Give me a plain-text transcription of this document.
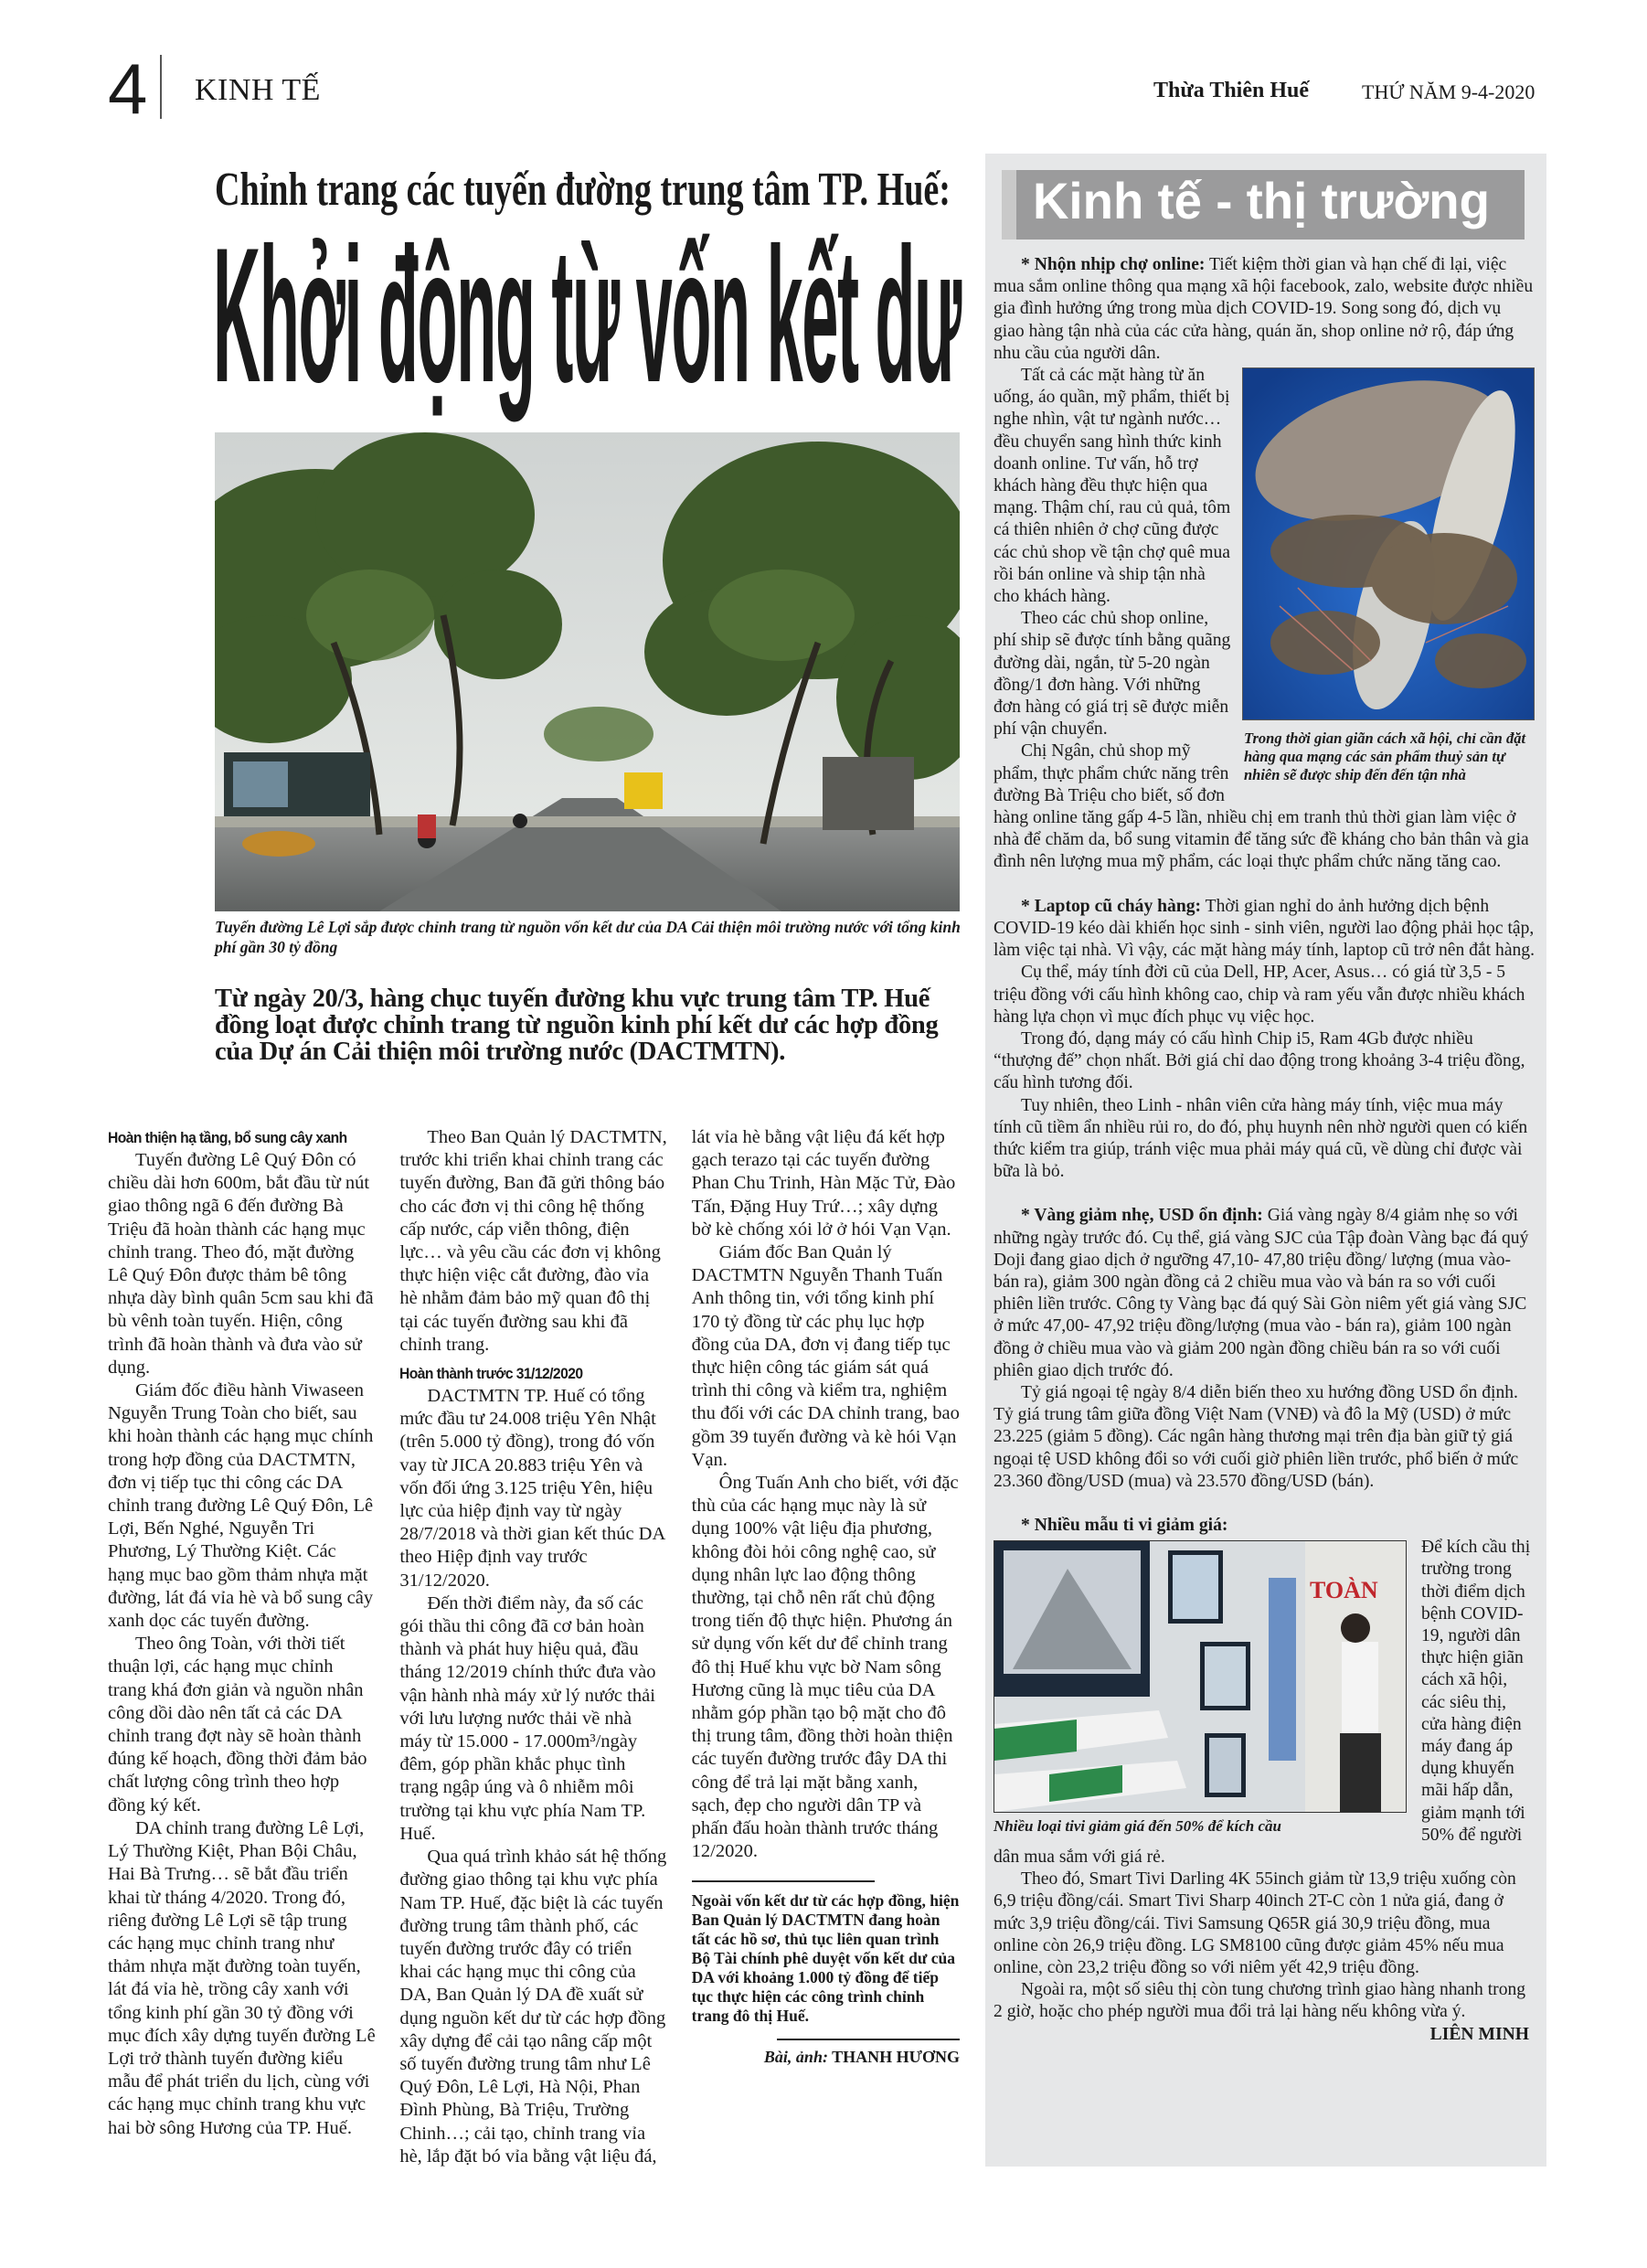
4 KINH TẾ	Thừa Thiên Huế	THỨ NĂM 9-4-2020
Chỉnh trang các tuyến đường trung tâm TP. Huế:
Khởi động từ vốn kết dư
Tuyến đường Lê Lợi sắp được chỉnh trang từ nguồn vốn kết dư của DA Cải thiện môi trường nước với tổng kinh phí gần 30 tỷ đồng
Từ ngày 20/3, hàng chục tuyến đường khu vực trung tâm TP. Huế đồng loạt được chỉnh trang từ nguồn kinh phí kết dư các hợp đồng của Dự án Cải thiện môi trường nước (DACTMTN).
Hoàn thiện hạ tầng, bổ sung cây xanh

Tuyến đường Lê Quý Đôn có chiều dài hơn 600m, bắt đầu từ nút giao thông ngã 6 đến đường Bà Triệu đã hoàn thành các hạng mục chỉnh trang. Theo đó, mặt đường Lê Quý Đôn được thảm bê tông nhựa dày bình quân 5cm sau khi đã bù vênh toàn tuyến. Hiện, công trình đã hoàn thành và đưa vào sử dụng.

Giám đốc điều hành Viwaseen Nguyễn Trung Toàn cho biết, sau khi hoàn thành các hạng mục chính trong hợp đồng của DACTMTN, đơn vị tiếp tục thi công các DA chỉnh trang đường Lê Quý Đôn, Lê Lợi, Bến Nghé, Nguyễn Tri Phương, Lý Thường Kiệt. Các hạng mục bao gồm thảm nhựa mặt đường, lát đá vỉa hè và bổ sung cây xanh dọc các tuyến đường.

Theo ông Toàn, với thời tiết thuận lợi, các hạng mục chỉnh trang khá đơn giản và nguồn nhân công dồi dào nên tất cả các DA chỉnh trang đợt này sẽ hoàn thành đúng kế hoạch, đồng thời đảm bảo chất lượng công trình theo hợp đồng ký kết.

DA chỉnh trang đường Lê Lợi, Lý Thường Kiệt, Phan Bội Châu, Hai Bà Trưng… sẽ bắt đầu triển khai từ tháng 4/2020. Trong đó, riêng đường Lê Lợi sẽ tập trung các hạng mục chỉnh trang như thảm nhựa mặt đường toàn tuyến, lát đá vỉa hè, trồng cây xanh với tổng kinh phí gần 30 tỷ đồng với mục đích xây dựng tuyến đường Lê Lợi trở thành tuyến đường kiểu mẫu để phát triển du lịch, cùng với các hạng mục chỉnh trang khu vực hai bờ sông Hương của TP. Huế.

Theo Ban Quản lý DACTMTN, trước khi triển khai chỉnh trang các tuyến đường, Ban đã gửi thông báo cho các đơn vị thi công hệ thống cấp nước, cáp viễn thông, điện lực… và yêu cầu các đơn vị không thực hiện việc cắt đường, đào vỉa hè nhằm đảm bảo mỹ quan đô thị tại các tuyến đường sau khi đã chỉnh trang.

Hoàn thành trước 31/12/2020

DACTMTN TP. Huế có tổng mức đầu tư 24.008 triệu Yên Nhật (trên 5.000 tỷ đồng), trong đó vốn vay từ JICA 20.883 triệu Yên và vốn đối ứng 3.125 triệu Yên, hiệu lực của hiệp định vay từ ngày 28/7/2018 và thời gian kết thúc DA theo Hiệp định vay trước 31/12/2020.

Đến thời điểm này, đa số các gói thầu thi công đã cơ bản hoàn thành và phát huy hiệu quả, đầu tháng 12/2019 chính thức đưa vào vận hành nhà máy xử lý nước thải với lưu lượng nước thải về nhà máy từ 15.000 - 17.000m³/ngày đêm, góp phần khắc phục tình trạng ngập úng và ô nhiễm môi trường tại khu vực phía Nam TP. Huế.

Qua quá trình khảo sát hệ thống đường giao thông tại khu vực phía Nam TP. Huế, đặc biệt là các tuyến đường trung tâm thành phố, các tuyến đường trước đây có triển khai các hạng mục thi công của DA, Ban Quản lý DA đề xuất sử dụng nguồn kết dư từ các hợp đồng xây dựng để cải tạo nâng cấp một số tuyến đường trung tâm như Lê Quý Đôn, Lê Lợi, Hà Nội, Phan Đình Phùng, Bà Triệu, Trường Chinh…; cải tạo, chỉnh trang vỉa hè, lắp đặt bó vỉa bằng vật liệu đá, lát vỉa hè bằng vật liệu đá kết hợp gạch terazo tại các tuyến đường Phan Chu Trinh, Hàn Mặc Tử, Đào Tấn, Đặng Huy Trứ…; xây dựng bờ kè chống xói lở ở hói Vạn Vạn.

Giám đốc Ban Quản lý DACTMTN Nguyễn Thanh Tuấn Anh thông tin, với tổng kinh phí 170 tỷ đồng từ các phụ lục hợp đồng của DA, đơn vị đang tiếp tục thực hiện công tác giám sát quá trình thi công và kiểm tra, nghiệm thu đối với các DA chỉnh trang, bao gồm 39 tuyến đường và kè hói Vạn Vạn.

Ông Tuấn Anh cho biết, với đặc thù của các hạng mục này là sử dụng 100% vật liệu địa phương, không đòi hỏi công nghệ cao, sử dụng nhân lực lao động thông thường, tại chỗ nên rất chủ động trong tiến độ thực hiện. Phương án sử dụng vốn kết dư để chỉnh trang đô thị Huế khu vực bờ Nam sông Hương cũng là mục tiêu của DA nhằm góp phần tạo bộ mặt cho đô thị trung tâm, đồng thời hoàn thiện các tuyến đường trước đây DA thi công để trả lại mặt bằng xanh, sạch, đẹp cho người dân TP và phấn đấu hoàn thành trước tháng 12/2020.

Ngoài vốn kết dư từ các hợp đồng, hiện Ban Quản lý DACTMTN đang hoàn tất các hồ sơ, thủ tục liên quan trình Bộ Tài chính phê duyệt vốn kết dư của DA với khoảng 1.000 tỷ đồng để tiếp tục thực hiện các công trình chỉnh trang đô thị Huế.

Bài, ảnh: THANH HƯƠNG

Kinh tế - thị trường

* Nhộn nhịp chợ online: Tiết kiệm thời gian và hạn chế đi lại, việc mua sắm online thông qua mạng xã hội facebook, zalo, website được nhiều gia đình hưởng ứng trong mùa dịch COVID-19. Song song đó, dịch vụ giao hàng tận nhà của các cửa hàng, quán ăn, shop online nở rộ, đáp ứng nhu cầu của người dân.

Trong thời gian giãn cách xã hội, chỉ cần đặt hàng qua mạng các sản phẩm thuỷ sản tự nhiên sẽ được ship đến đến tận nhà

Tất cả các mặt hàng từ ăn uống, áo quần, mỹ phẩm, thiết bị nghe nhìn, vật tư ngành nước… đều chuyển sang hình thức kinh doanh online. Tư vấn, hỗ trợ khách hàng đều thực hiện qua mạng. Thậm chí, rau củ quả, tôm cá thiên nhiên ở chợ cũng được các chủ shop về tận chợ quê mua rồi bán online và ship tận nhà cho khách hàng.

Theo các chủ shop online, phí ship sẽ được tính bằng quãng đường dài, ngắn, từ 5-20 ngàn đồng/1 đơn hàng. Với những đơn hàng có giá trị sẽ được miễn phí vận chuyển.

Chị Ngân, chủ shop mỹ phẩm, thực phẩm chức năng trên đường Bà Triệu cho biết, số đơn hàng online tăng gấp 4-5 lần, nhiều chị em tranh thủ thời gian làm việc ở nhà để chăm da, bổ sung vitamin để tăng sức đề kháng cho bản thân và gia đình nên lượng mua mỹ phẩm, các loại thực phẩm chức năng tăng cao.

* Laptop cũ cháy hàng: Thời gian nghỉ do ảnh hưởng dịch bệnh COVID-19 kéo dài khiến học sinh - sinh viên, người lao động phải học tập, làm việc tại nhà. Vì vậy, các mặt hàng máy tính, laptop cũ trở nên đắt hàng.

Cụ thể, máy tính đời cũ của Dell, HP, Acer, Asus… có giá từ 3,5 - 5 triệu đồng với cấu hình không cao, chip và ram yếu vẫn được nhiều khách hàng lựa chọn vì mục đích phục vụ việc học.

Trong đó, dạng máy có cấu hình Chip i5, Ram 4Gb được nhiều “thượng đế” chọn nhất. Bởi giá chỉ dao động trong khoảng 3-4 triệu đồng, cấu hình tương đối.

Tuy nhiên, theo Linh - nhân viên cửa hàng máy tính, việc mua máy tính cũ tiềm ẩn nhiều rủi ro, do đó, phụ huynh nên nhờ người quen có kiến thức kiểm tra giúp, tránh việc mua phải máy quá cũ, về dùng chỉ được vài bữa là bỏ.

* Vàng giảm nhẹ, USD ổn định: Giá vàng ngày 8/4 giảm nhẹ so với những ngày trước đó. Cụ thể, giá vàng SJC của Tập đoàn Vàng bạc đá quý Doji đang giao dịch ở ngưỡng 47,10- 47,80 triệu đồng/ lượng (mua vào-bán ra), giảm 300 ngàn đồng cả 2 chiều mua vào và bán ra so với cuối phiên liền trước. Công ty Vàng bạc đá quý Sài Gòn niêm yết giá vàng SJC ở mức 47,00- 47,92 triệu đồng/lượng (mua vào - bán ra), giảm 100 ngàn đồng ở chiều mua vào và giảm 200 ngàn đồng chiều bán ra so với cuối phiên giao dịch trước đó.

Tỷ giá ngoại tệ ngày 8/4 diễn biến theo xu hướng đồng USD ổn định. Tỷ giá trung tâm giữa đồng Việt Nam (VNĐ) và đô la Mỹ (USD) ở mức 23.225 (giảm 5 đồng). Các ngân hàng thương mại trên địa bàn giữ tỷ giá ngoại tệ USD không đổi so với cuối giờ phiên liền trước, phổ biến ở mức 23.360 đồng/USD (mua) và 23.570 đồng/USD (bán).

* Nhiều mẫu ti vi giảm giá:

TOÀN
Nhiều loại tivi giảm giá đến 50% để kích cầu

Để kích cầu thị trường trong thời điểm dịch bệnh COVID-19, người dân thực hiện giãn cách xã hội, các siêu thị, cửa hàng điện máy đang áp dụng khuyến mãi hấp dẫn, giảm mạnh tới 50% để người dân mua sắm với giá rẻ.

Theo đó, Smart Tivi Darling 4K 55inch giảm từ 13,9 triệu xuống còn 6,9 triệu đồng/cái. Smart Tivi Sharp 40inch 2T-C còn 1 nửa giá, đang ở mức 3,9 triệu đồng/cái. Tivi Samsung Q65R giá 30,9 triệu đồng, mua online còn 26,9 triệu đồng. LG SM8100 cũng được giảm 45% nếu mua online, còn 23,2 triệu đồng so với niêm yết 42,9 triệu đồng.

Ngoài ra, một số siêu thị còn tung chương trình giao hàng nhanh trong 2 giờ, hoặc cho phép người mua đổi trả lại hàng nếu không vừa ý.

LIÊN MINH
